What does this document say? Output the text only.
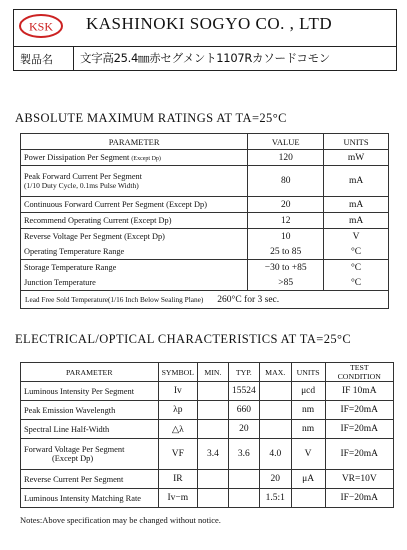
KSK KASHINOKI SOGYO CO. , LTD
製品名 文字高25.4㎜赤セグメント1107Rカソードコモン
ABSOLUTE MAXIMUM RATINGS AT TA=25°C
PARAMETER	VALUE	UNITS
Power Dissipation Per Segment (Except Dp)	120	mW

Peak Forward Current Per Segment
(1/10 Duty Cycle, 0.1ms Pulse Width)	80	mA
Continuous Forward Current Per Segment (Except Dp)	20	mA
Recommend Operating Current (Except Dp)	12	mA
Reverse Voltage Per Segment (Except Dp)	10	V
Operating Temperature Range	25 to 85	°C
Storage Temperature Range	−30 to +85	°C
Junction Temperature	>85	°C
Lead Free Sold Temperature(1/16 Inch Below Sealing Plane) 260°C for 3 sec.		
ELECTRICAL/OPTICAL CHARACTERISTICS AT TA=25°C
PARAMETER	SYMBOL	MIN.	TYP.	MAX.	UNITS	TEST CONDITION
Luminous Intensity Per Segment	Iv		15524		μcd	IF 10mA
Peak Emission Wavelength	λp		660		nm	IF=20mA
Spectral Line Half-Width	△λ		20		nm	IF=20mA

Forward Voltage Per Segment
(Except Dp)	VF	3.4	3.6	4.0	V	IF=20mA
Reverse Current Per Segment	IR			20	μA	VR=10V
Luminous Intensity Matching Rate	Iv−m			1.5:1		IF−20mA
Notes:Above specification may be changed without notice.
